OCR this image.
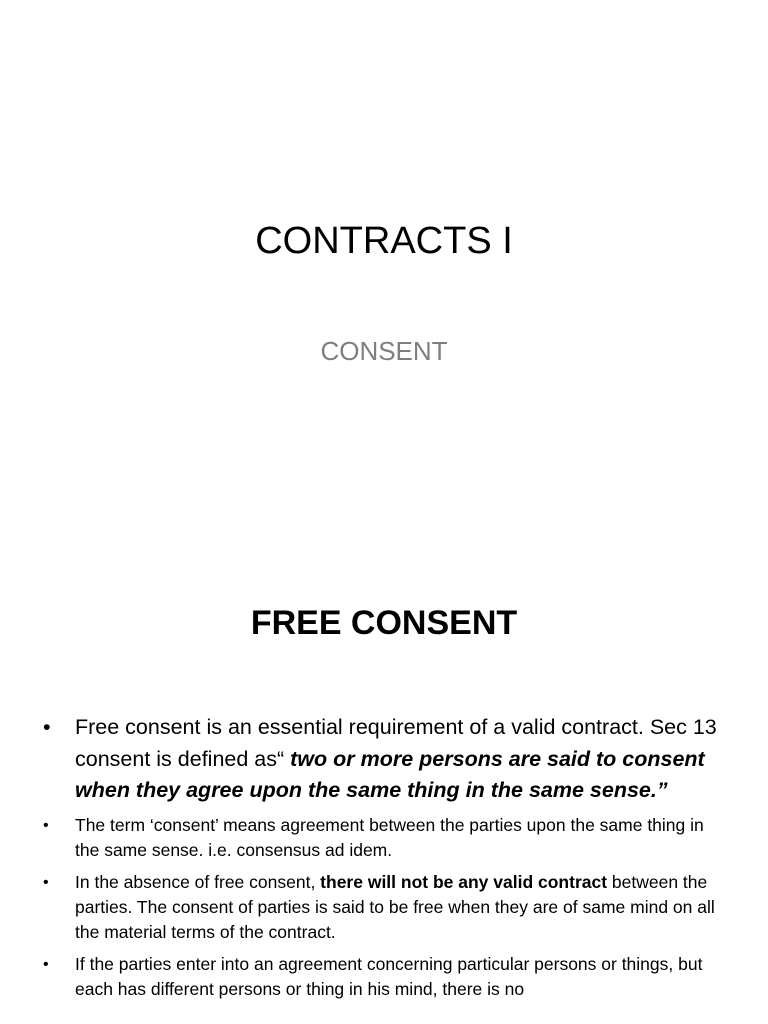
CONTRACTS I
CONSENT
FREE CONSENT
• Free consent is an essential requirement of a valid contract. Sec 13 consent is defined as“ two or more persons are said to consent when they agree upon the same thing in the same sense.”
• The term ‘consent’ means agreement between the parties upon the same thing in the same sense. i.e. consensus ad idem.
• In the absence of free consent, there will not be any valid contract between the parties. The consent of parties is said to be free when they are of same mind on all the material terms of the contract.
• If the parties enter into an agreement concerning particular persons or things, but each has different persons or thing in his mind, there is no
